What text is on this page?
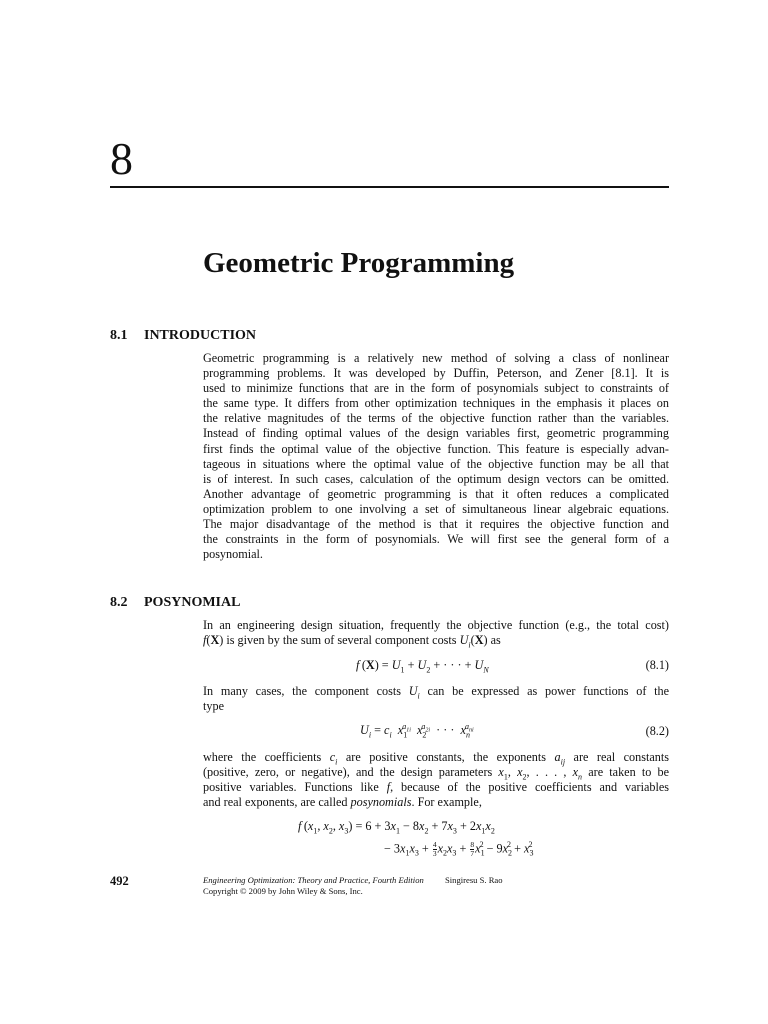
8
Geometric Programming
8.1 INTRODUCTION
Geometric programming is a relatively new method of solving a class of nonlinear
programming problems. It was developed by Duffin, Peterson, and Zener [8.1]. It is
used to minimize functions that are in the form of posynomials subject to constraints of
the same type. It differs from other optimization techniques in the emphasis it places on
the relative magnitudes of the terms of the objective function rather than the variables.
Instead of finding optimal values of the design variables first, geometric programming
first finds the optimal value of the objective function. This feature is especially advan-
tageous in situations where the optimal value of the objective function may be all that
is of interest. In such cases, calculation of the optimum design vectors can be omitted.
Another advantage of geometric programming is that it often reduces a complicated
optimization problem to one involving a set of simultaneous linear algebraic equations.
The major disadvantage of the method is that it requires the objective function and
the constraints in the form of posynomials. We will first see the general form of a
posynomial.
8.2 POSYNOMIAL
In an engineering design situation, frequently the objective function (e.g., the total cost)
f(X) is given by the sum of several component costs $U_i(X)$ as
f $(X) = U_1 + U_2$ + · · · + $U_N$	(8.1)
In many cases, the component costs $U_i$ can be expressed as power functions of the
type
$U_i = c_i$ $x_1^{a_{1i}}$ $x_2^{a_{2i}}$  · · ·  $x_n^{a_{ni}}$	(8.2)
where the coefficients $c_i$ are positive constants, the exponents $a_{ij}$ are real constants
(positive, zero, or negative), and the design parameters $x_1$, $x_2$, . . . , $x_n$ are taken to be
positive variables. Functions like f, because of the positive coefficients and variables
and real exponents, are called posynomials. For example,
f ($x_1$, $x_2$, $x_3) = 6 + 3x_1 - 8x_2 + 7x_3 + 2x_1x_2$
− $3x_1x_3 + \frac{4}{3} x_2x_3 + \frac{8}{7} x_1^2 - 9x_2^2 + x_3^2$
492	Engineering Optimization: Theory and Practice, Fourth Edition Singiresu S. Rao
Copyright © 2009 by John Wiley & Sons, Inc.
